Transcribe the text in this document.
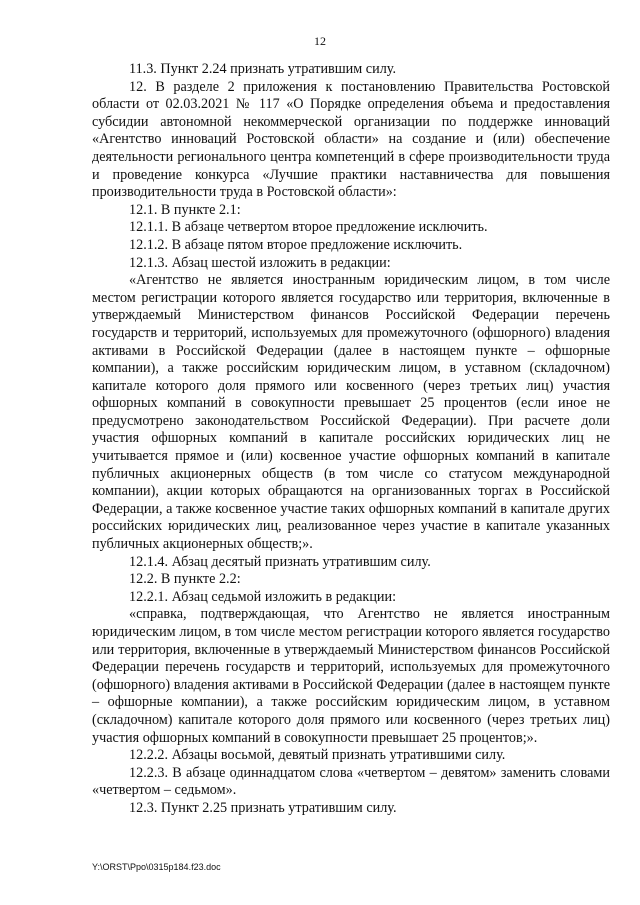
12

11.3. Пункт 2.24 признать утратившим силу.

12. В разделе 2 приложения к постановлению Правительства Ростовской области от 02.03.2021 № 117 «О Порядке определения объема и предоставления субсидии автономной некоммерческой организации по поддержке инноваций «Агентство инноваций Ростовской области» на создание и (или) обеспечение деятельности регионального центра компетенций в сфере производительности труда и проведение конкурса «Лучшие практики наставничества для повышения производительности труда в Ростовской области»:

12.1. В пункте 2.1:

12.1.1. В абзаце четвертом второе предложение исключить.

12.1.2. В абзаце пятом второе предложение исключить.

12.1.3. Абзац шестой изложить в редакции:

«Агентство не является иностранным юридическим лицом, в том числе местом регистрации которого является государство или территория, включенные в утверждаемый Министерством финансов Российской Федерации перечень государств и территорий, используемых для промежуточного (офшорного) владения активами в Российской Федерации (далее в настоящем пункте – офшорные компании), а также российским юридическим лицом, в уставном (складочном) капитале которого доля прямого или косвенного (через третьих лиц) участия офшорных компаний в совокупности превышает 25 процентов (если иное не предусмотрено законодательством Российской Федерации). При расчете доли участия офшорных компаний в капитале российских юридических лиц не учитывается прямое и (или) косвенное участие офшорных компаний в капитале публичных акционерных обществ (в том числе со статусом международной компании), акции которых обращаются на организованных торгах в Российской Федерации, а также косвенное участие таких офшорных компаний в капитале других российских юридических лиц, реализованное через участие в капитале указанных публичных акционерных обществ;».

12.1.4. Абзац десятый признать утратившим силу.

12.2. В пункте 2.2:

12.2.1. Абзац седьмой изложить в редакции:

«справка, подтверждающая, что Агентство не является иностранным юридическим лицом, в том числе местом регистрации которого является государство или территория, включенные в утверждаемый Министерством финансов Российской Федерации перечень государств и территорий, используемых для промежуточного (офшорного) владения активами в Российской Федерации (далее в настоящем пункте – офшорные компании), а также российским юридическим лицом, в уставном (складочном) капитале которого доля прямого или косвенного (через третьих лиц) участия офшорных компаний в совокупности превышает 25 процентов;».

12.2.2. Абзацы восьмой, девятый признать утратившими силу.

12.2.3. В абзаце одиннадцатом слова «четвертом – девятом» заменить словами «четвертом – седьмом».

12.3. Пункт 2.25 признать утратившим силу.

Y:\ORST\Ppo\0315p184.f23.doc
